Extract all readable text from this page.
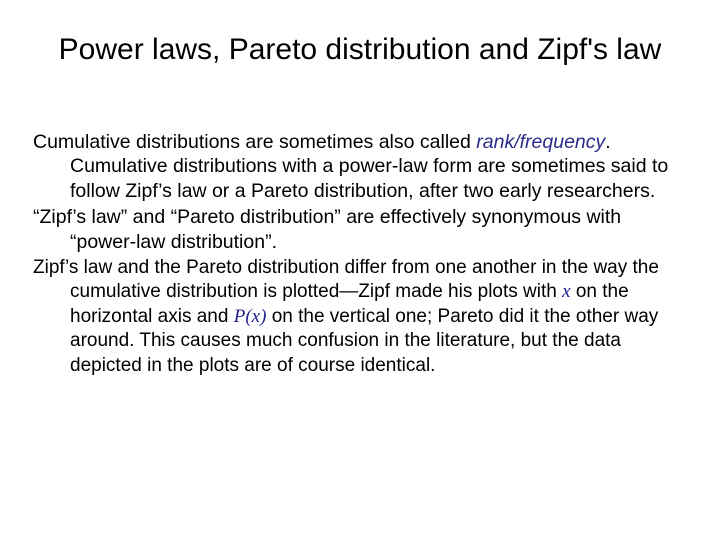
Power laws, Pareto distribution and Zipf's law
Cumulative distributions are sometimes also called rank/frequency. Cumulative distributions with a power-law form are sometimes said to follow Zipf’s law or a Pareto distribution, after two early researchers.
“Zipf’s law” and “Pareto distribution” are effectively synonymous with “power-law distribution”.
Zipf’s law and the Pareto distribution differ from one another in the way the cumulative distribution is plotted—Zipf made his plots with x on the horizontal axis and P(x) on the vertical one; Pareto did it the other way around. This causes much confusion in the literature, but the data depicted in the plots are of course identical.
